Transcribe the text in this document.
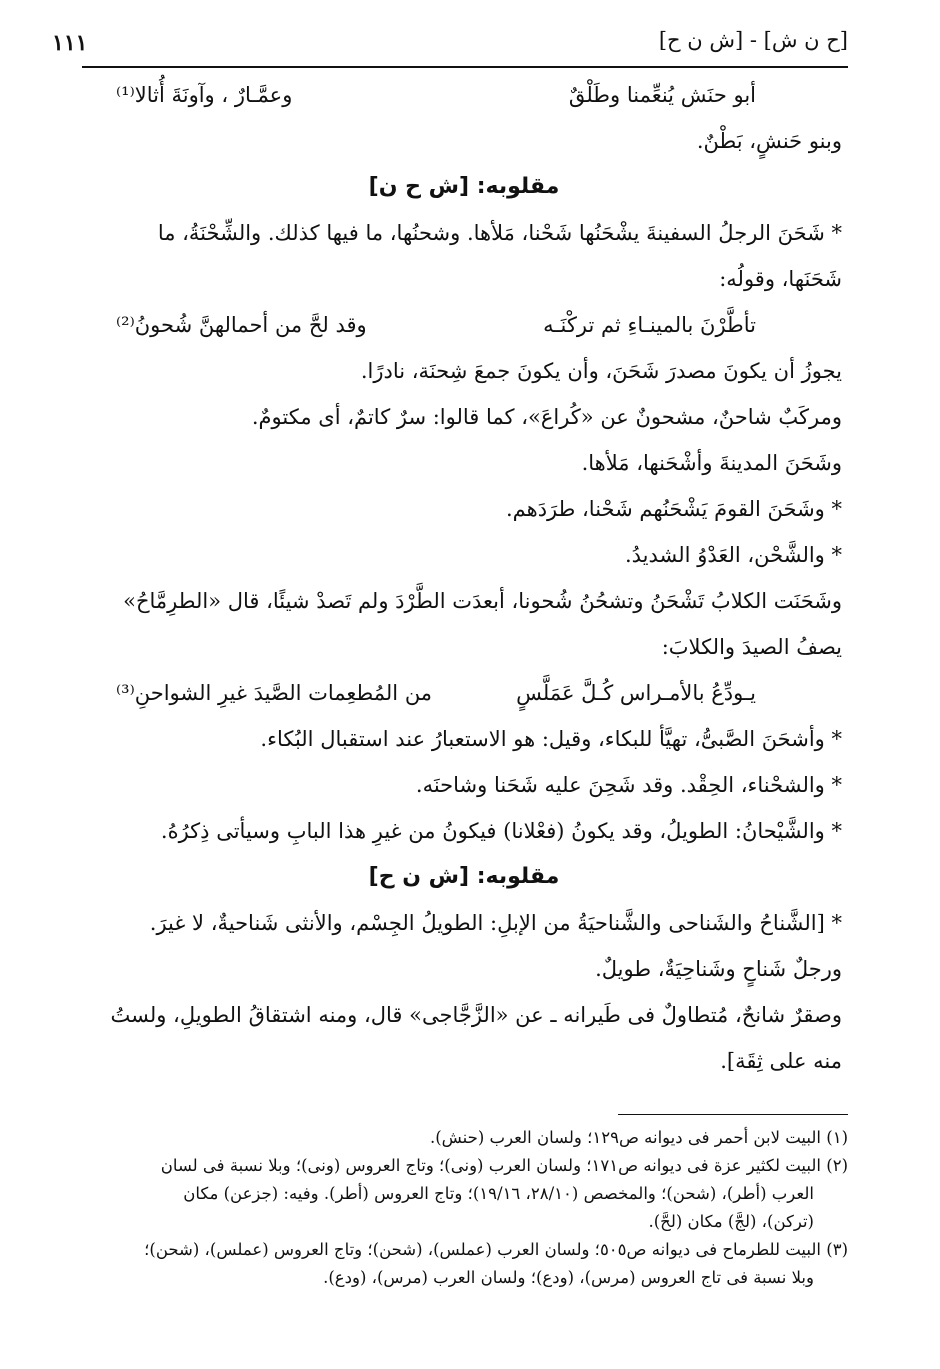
[ح ن ش] - [ش ن ح]
١١١
أبو حنَش يُنعِّمنا وطَلْقٌ
وعمَّـارٌ ، وآونَةَ أُثالا⁽¹⁾
وبنو حَنشٍ، بَطْنٌ.
مقلوبه: [ش ح ن]
* شَحَنَ الرجلُ السفينةَ يشْحَنُها شَحْنا، مَلأها. وشحنُها، ما فيها كذلك. والشِّحْنَةُ، ما
شَحَنَها، وقولُه:
تأطَّرْنَ بالمينـاءِ ثم تركْنَـه
وقد لحَّ من أحمالهنَّ شُحونُ⁽²⁾
يجوزُ أن يكونَ مصدرَ شَحَنَ، وأن يكونَ جمعَ شِحنَة، نادرًا.
ومركَبٌ شاحنٌ، مشحونٌ عن «كُراعَ»، كما قالوا: سرٌ كاتمٌ، أى مكتومٌ.
وشَحَنَ المدينةَ وأشْحَنها، مَلأها.
* وشَحَنَ القومَ يَشْحَنُهم شَحْنا، طرَدَهم.
* والشَّحْن، العَدْوُ الشديدُ.
وشَحَنَت الكلابُ تَشْحَنُ وتشحُنُ شُحونا، أبعدَت الطَّرْدَ ولم تَصدْ شيئًا، قال «الطرِمَّاحُ»
يصفُ الصيدَ والكلابَ:
يـودِّعُ بالأمـراس كُـلَّ عَمَلَّسٍ
من المُطعِمات الصَّيدَ غيرِ الشواحنِ⁽³⁾
* وأشحَنَ الصَّبىُّ، تهيَّأ للبكاء، وقيل: هو الاستعبارُ عند استقبال البُكاء.
* والشحْناء، الحِقْد. وقد شَحِنَ عليه شَحَنا وشاحنَه.
* والشَّيْحانُ: الطويلُ، وقد يكونُ (فعْلانا) فيكونُ من غيرِ هذا البابِ وسيأتى ذِكرُهُ.
مقلوبه: [ش ن ح]
* [الشَّناحُ والشَناحى والشَّناحيَةُ من الإبلِ: الطويلُ الجِسْم، والأنثى شَناحيةٌ، لا غيرَ.
ورجلٌ شَناحٍ وشَناحِيَةٌ، طويلٌ.
وصقرٌ شانحٌ، مُتطاولٌ فى طَيرانه ـ عن «الزَّجَّاجى» قال، ومنه اشتقاقُ الطويلِ، ولستُ
منه على ثِقَة].
(١) البيت لابن أحمر فى ديوانه ص١٢٩؛ ولسان العرب (حنش).
(٢) البيت لكثير عزة فى ديوانه ص١٧١؛ ولسان العرب (ونى)؛ وتاج العروس (ونى)؛ وبلا نسبة فى لسان
العرب (أطر)، (شحن)؛ والمخصص (٢٨/١٠، ١٩/١٦)؛ وتاج العروس (أطر). وفيه: (جزعن) مكان
(تركن)، (لجَّ) مكان (لحَّ).
(٣) البيت للطرماح فى ديوانه ص٥٠٥؛ ولسان العرب (عملس)، (شحن)؛ وتاج العروس (عملس)، (شحن)؛
وبلا نسبة فى تاج العروس (مرس)، (ودع)؛ ولسان العرب (مرس)، (ودع).
